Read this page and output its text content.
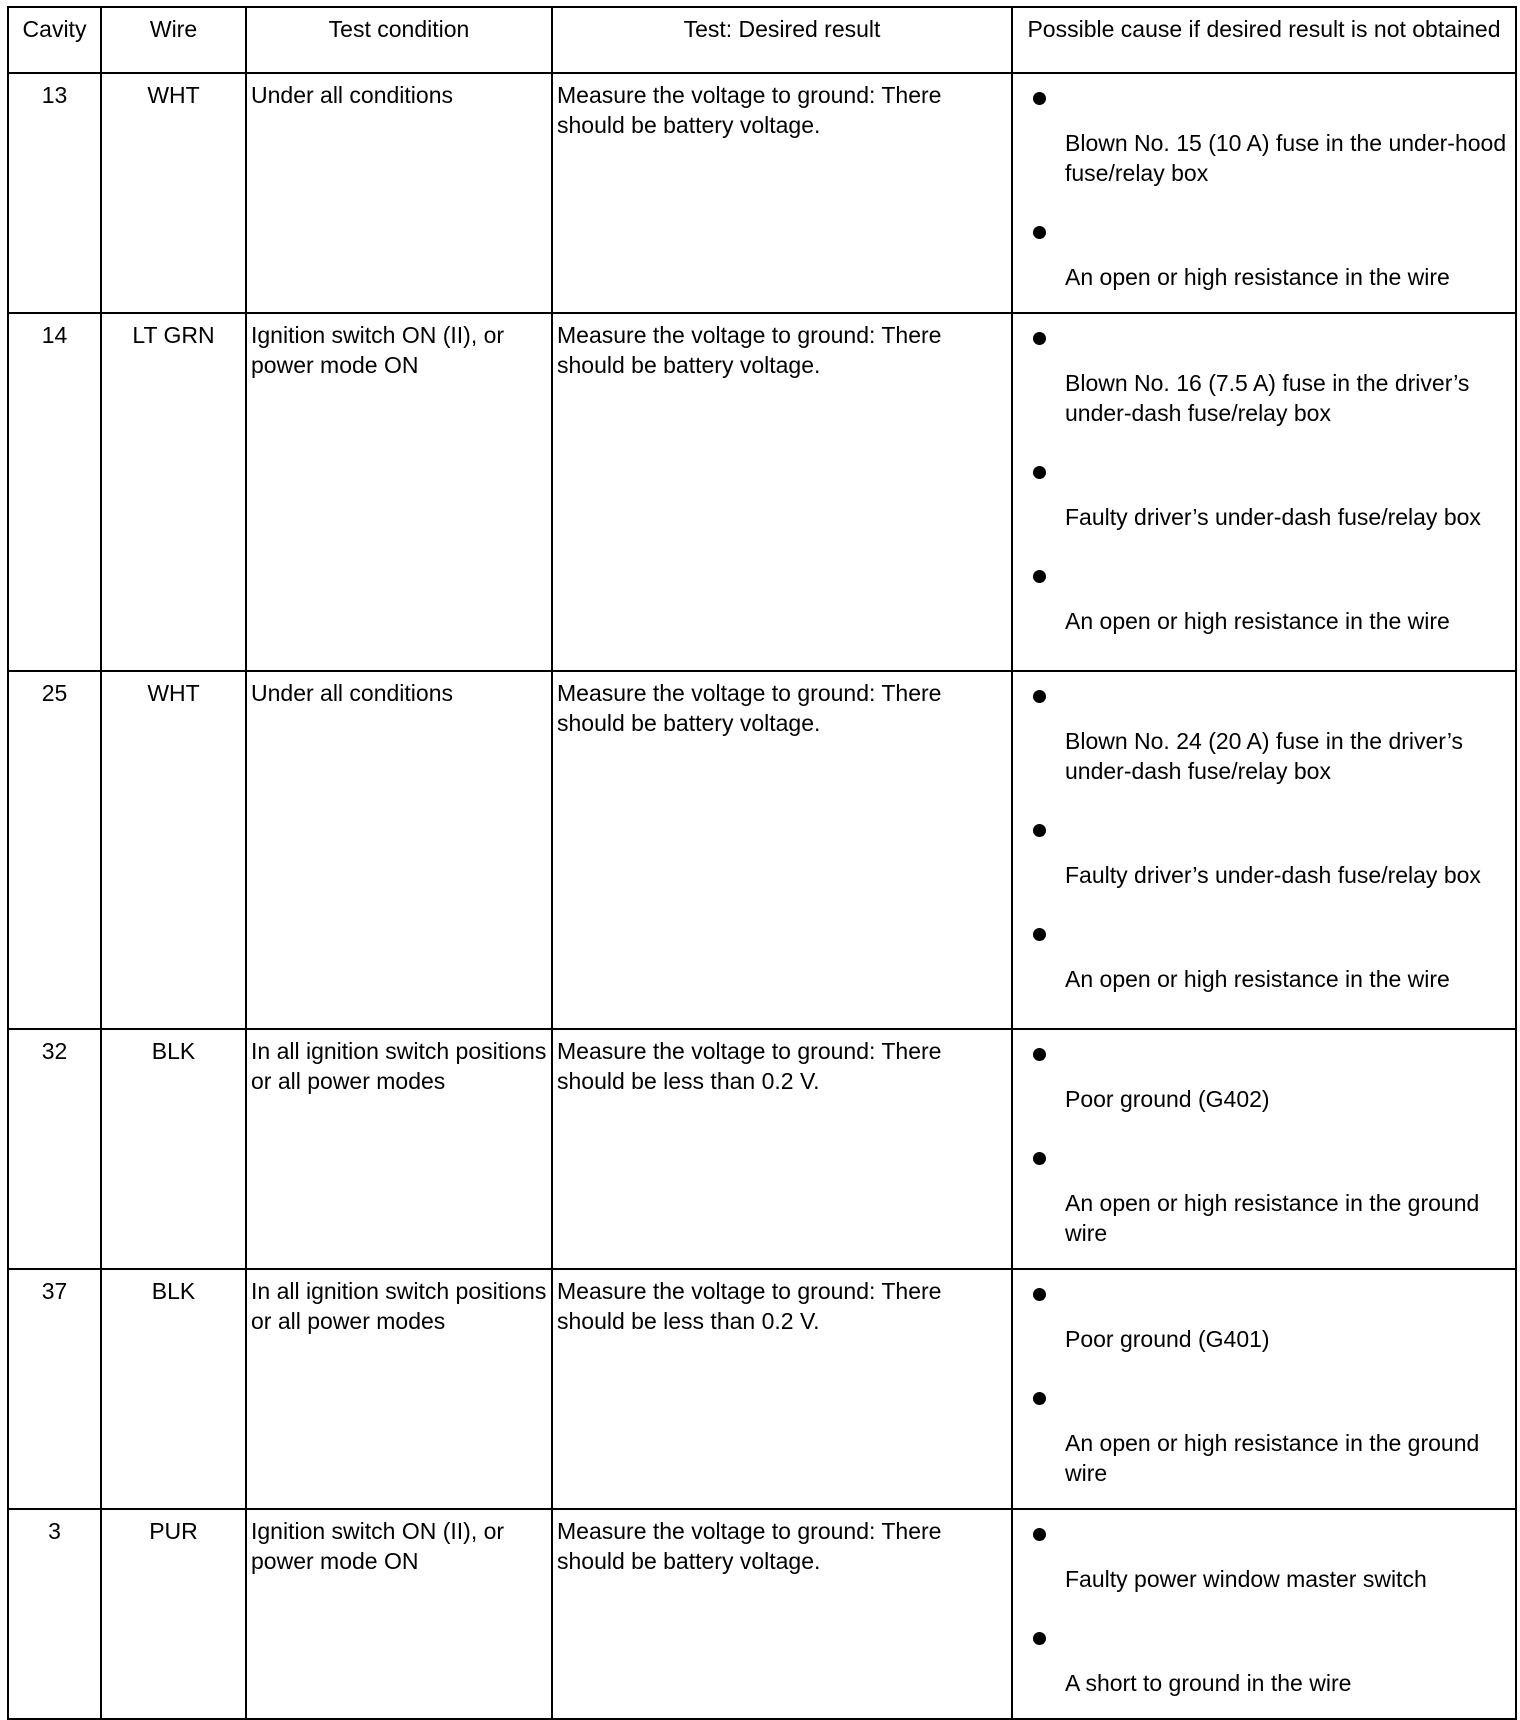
Cavity	Wire	Test condition	Test: Desired result	Possible cause if desired result is not obtained
13	WHT	Under all conditions	Measure the voltage to ground: There should be battery voltage.	Blown No. 15 (10 A) fuse in the under-hood fuse/relay box
An open or high resistance in the wire

14	LT GRN	Ignition switch ON (II), or power mode ON	Measure the voltage to ground: There should be battery voltage.	Blown No. 16 (7.5 A) fuse in the driver’s under-dash fuse/relay box
Faulty driver’s under-dash fuse/relay box
An open or high resistance in the wire

25	WHT	Under all conditions	Measure the voltage to ground: There should be battery voltage.	Blown No. 24 (20 A) fuse in the driver’s under-dash fuse/relay box
Faulty driver’s under-dash fuse/relay box
An open or high resistance in the wire

32	BLK	In all ignition switch positions or all power modes	Measure the voltage to ground: There should be less than 0.2 V.	Poor ground (G402)
An open or high resistance in the ground wire

37	BLK	In all ignition switch positions or all power modes	Measure the voltage to ground: There should be less than 0.2 V.	Poor ground (G401)
An open or high resistance in the ground wire

3	PUR	Ignition switch ON (II), or power mode ON	Measure the voltage to ground: There should be battery voltage.	Faulty power window master switch
A short to ground in the wire
